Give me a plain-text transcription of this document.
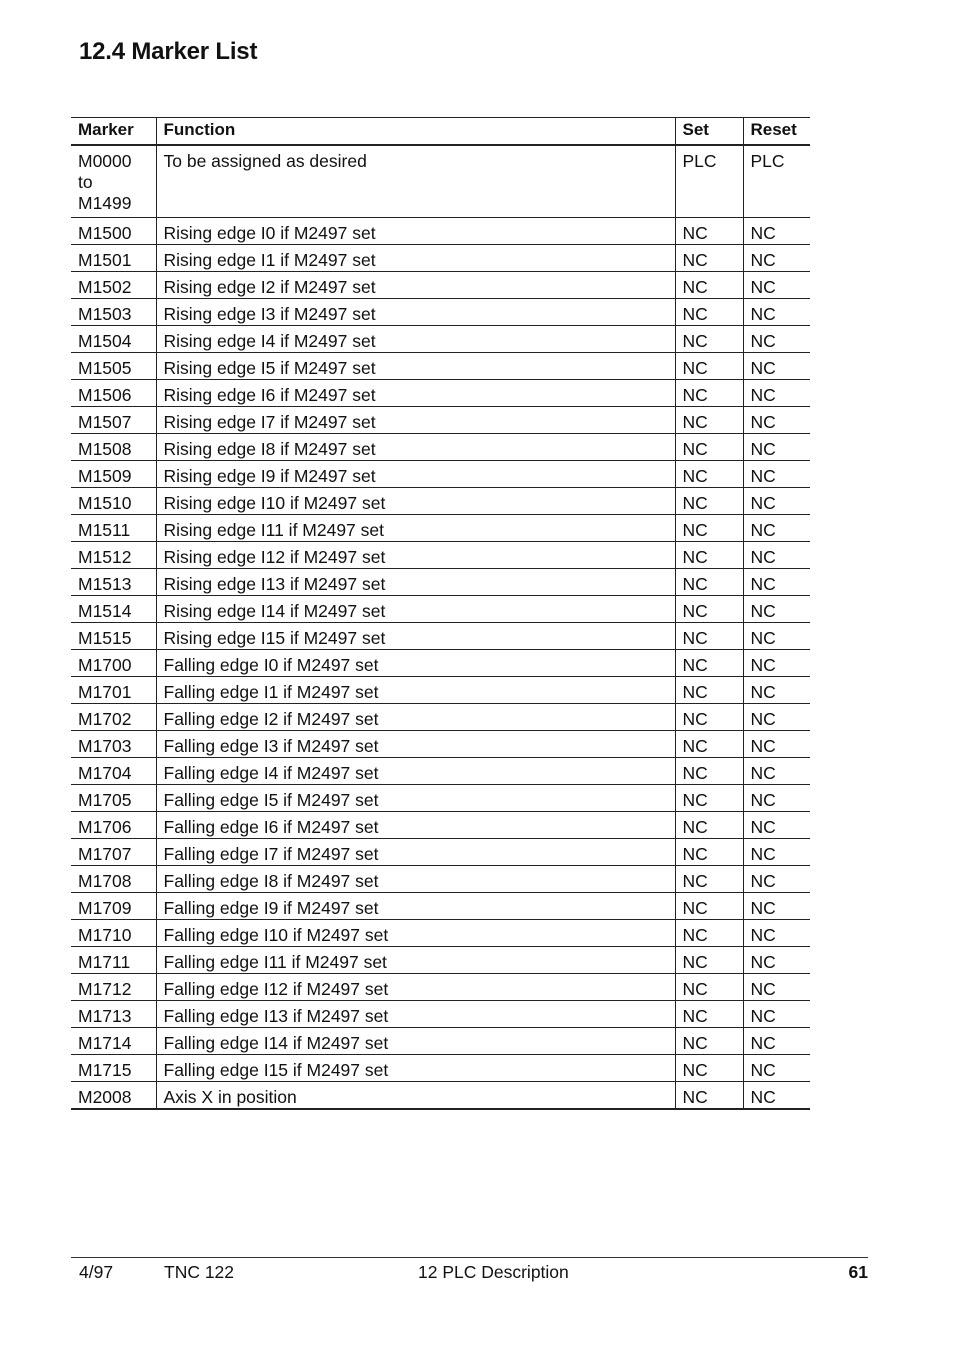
12.4 Marker List
Marker	Function	Set	Reset

M0000
to
M1499	To be assigned as desired	PLC	PLC

M1500	Rising edge I0 if M2497 set	NC	NC

M1501	Rising edge I1 if M2497 set	NC	NC

M1502	Rising edge I2 if M2497 set	NC	NC

M1503	Rising edge I3 if M2497 set	NC	NC

M1504	Rising edge I4 if M2497 set	NC	NC

M1505	Rising edge I5 if M2497 set	NC	NC

M1506	Rising edge I6 if M2497 set	NC	NC

M1507	Rising edge I7 if M2497 set	NC	NC

M1508	Rising edge I8 if M2497 set	NC	NC

M1509	Rising edge I9 if M2497 set	NC	NC

M1510	Rising edge I10 if M2497 set	NC	NC

M1511	Rising edge I11 if M2497 set	NC	NC

M1512	Rising edge I12 if M2497 set	NC	NC

M1513	Rising edge I13 if M2497 set	NC	NC

M1514	Rising edge I14 if M2497 set	NC	NC

M1515	Rising edge I15 if M2497 set	NC	NC

M1700	Falling edge I0 if M2497 set	NC	NC

M1701	Falling edge I1 if M2497 set	NC	NC

M1702	Falling edge I2 if M2497 set	NC	NC

M1703	Falling edge I3 if M2497 set	NC	NC

M1704	Falling edge I4 if M2497 set	NC	NC

M1705	Falling edge I5 if M2497 set	NC	NC

M1706	Falling edge I6 if M2497 set	NC	NC

M1707	Falling edge I7 if M2497 set	NC	NC

M1708	Falling edge I8 if M2497 set	NC	NC

M1709	Falling edge I9 if M2497 set	NC	NC

M1710	Falling edge I10 if M2497 set	NC	NC

M1711	Falling edge I11 if M2497 set	NC	NC

M1712	Falling edge I12 if M2497 set	NC	NC

M1713	Falling edge I13 if M2497 set	NC	NC

M1714	Falling edge I14 if M2497 set	NC	NC

M1715	Falling edge I15 if M2497 set	NC	NC

M2008	Axis X in position	NC	NC
4/97	TNC 122	12 PLC Description	61
